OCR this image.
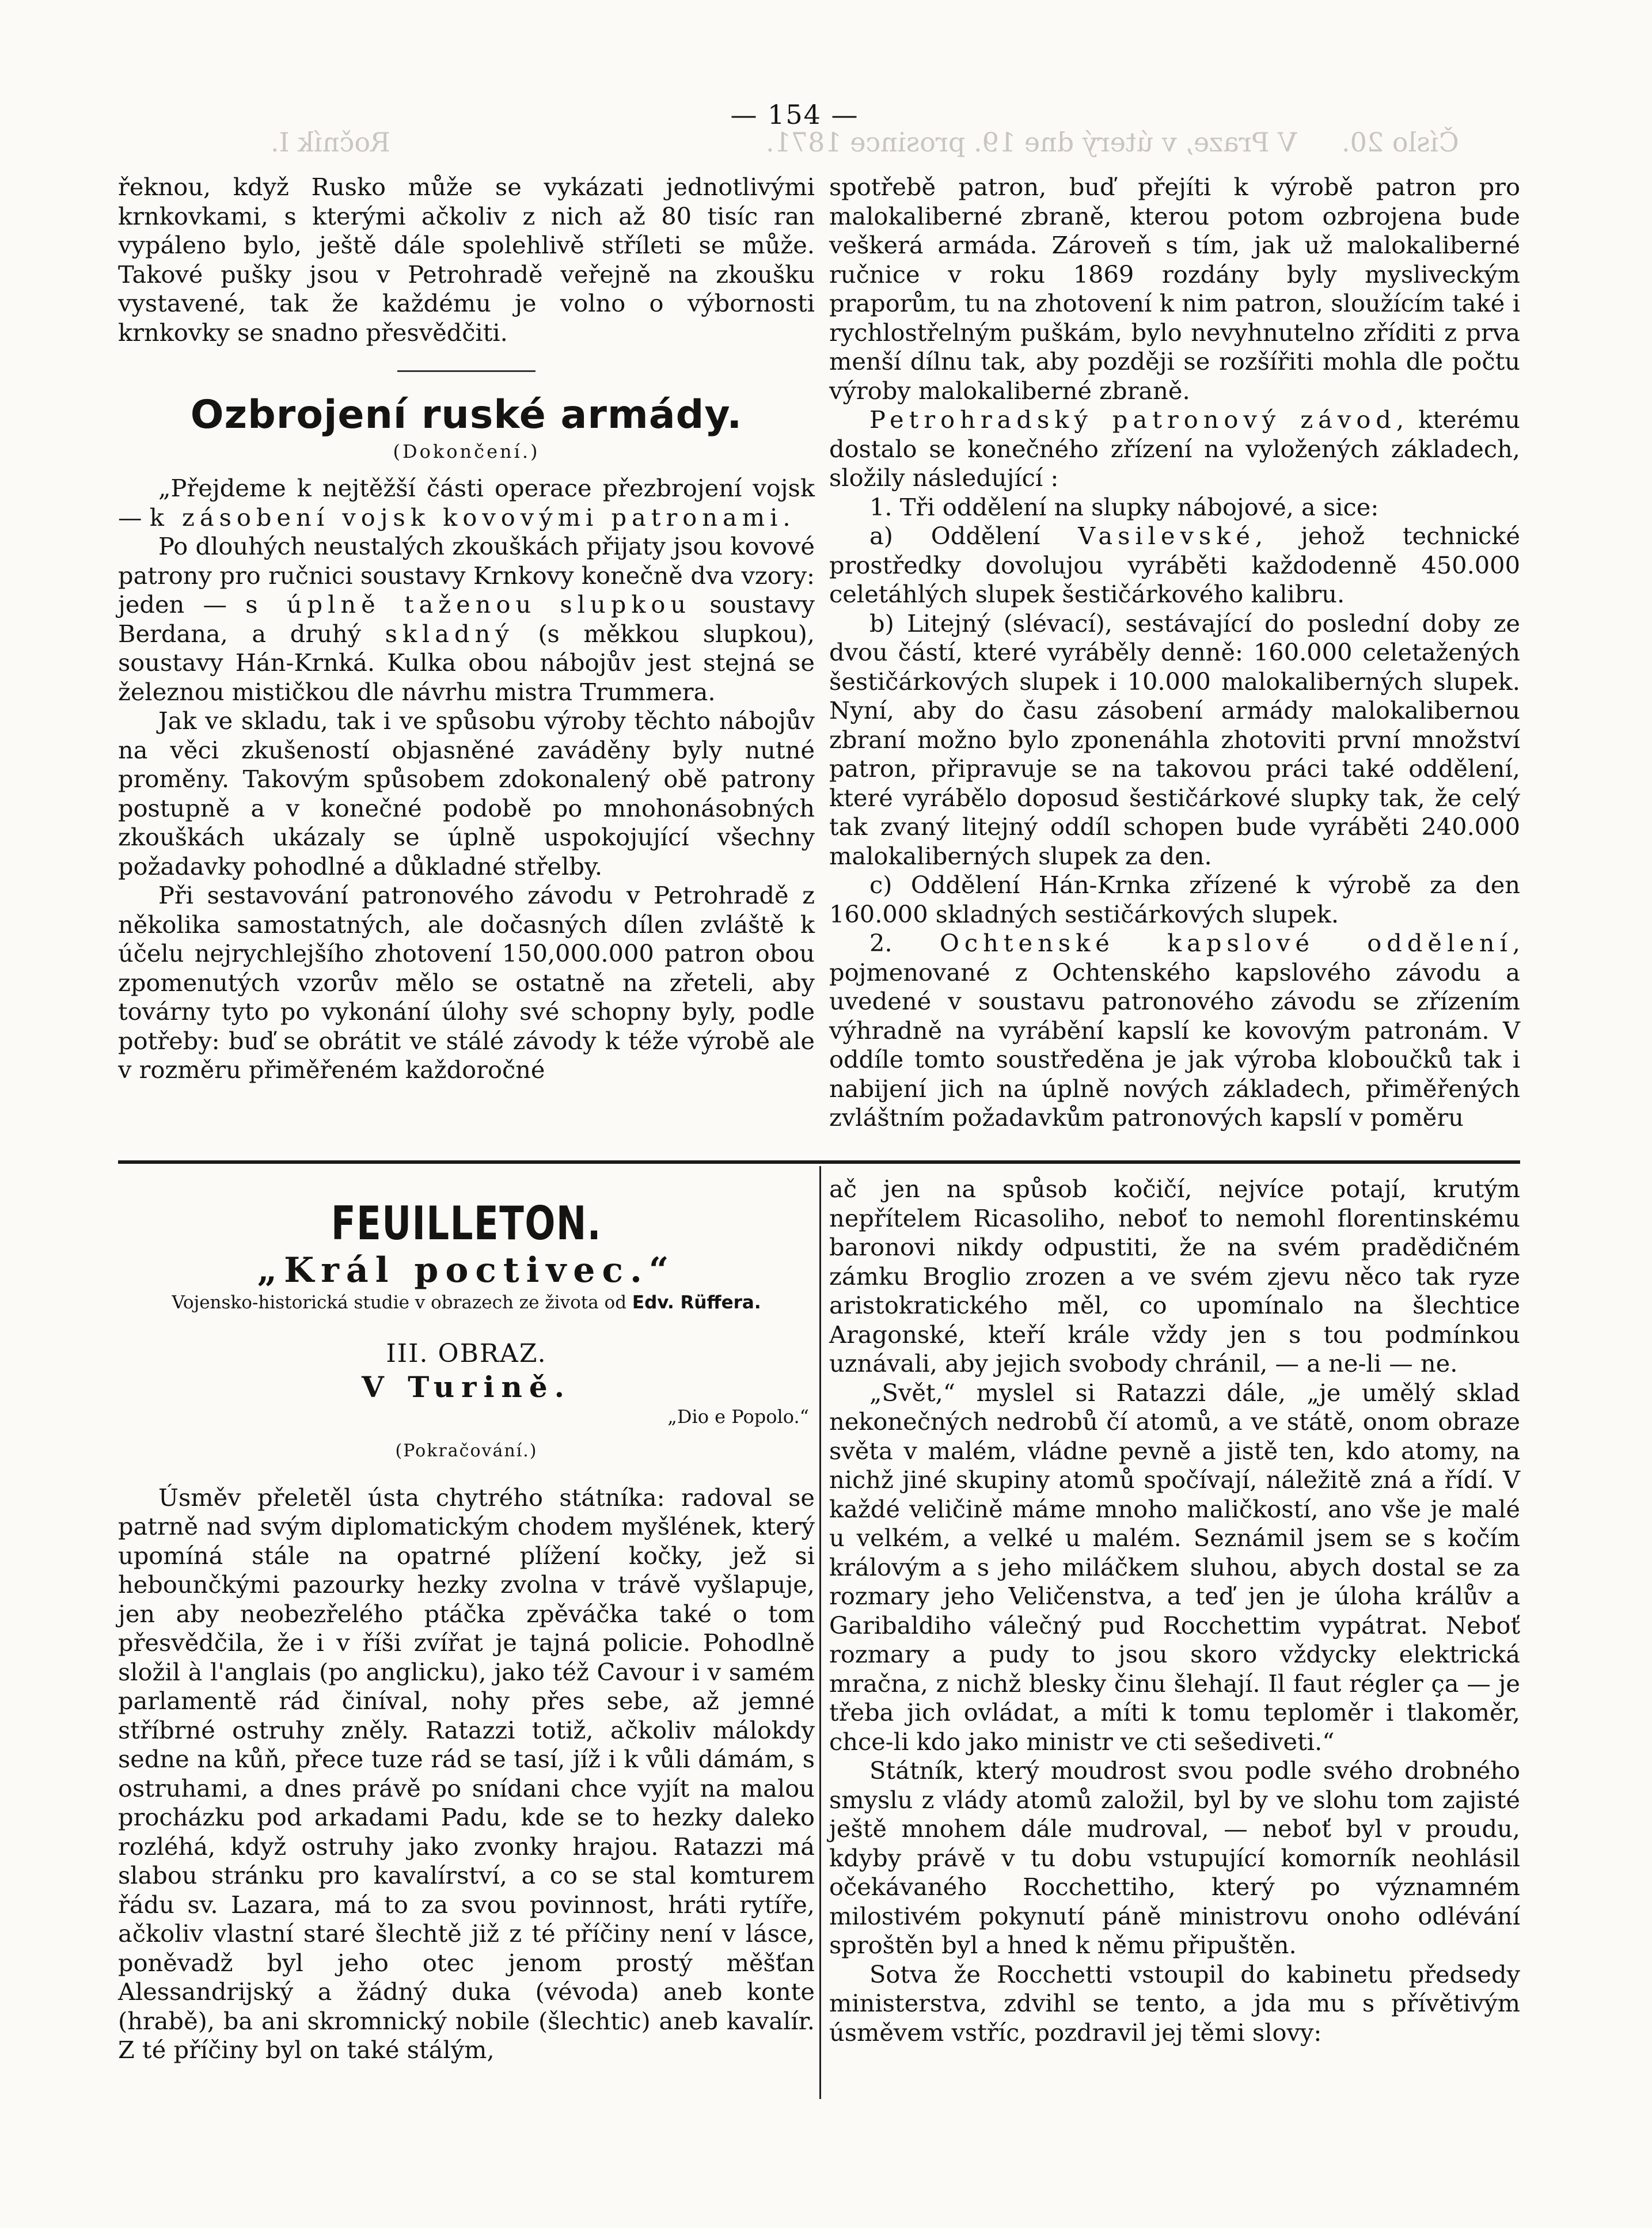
Číslo 20.
V Praze, v úterý dne 19. prosince 1871.
Ročník I.
— 154 —

řeknou, když Rusko může se vykázati jednotlivými krnkovkami, s kterými ačkoliv z nich až 80 tisíc ran vypáleno bylo, ještě dále spolehlivě stříleti se může. Takové pušky jsou v Petrohradě veřejně na zkoušku vystavené, tak že každému je volno o výbornosti krnkovky se snadno přesvědčiti.

Ozbrojení ruské armády.
(Dokončení.)

„Přejdeme k nejtěžší části operace přezbrojení vojsk — k zásobení vojsk kovovými patronami.

Po dlouhých neustalých zkouškách přijaty jsou kovové patrony pro ručnici soustavy Krnkovy konečně dva vzory: jeden — s úplně taženou slupkou soustavy Berdana, a druhý skladný (s měkkou slupkou), soustavy Hán-Krnká. Kulka obou nábojův jest stejná se železnou mističkou dle návrhu mistra Trummera.

Jak ve skladu, tak i ve spůsobu výroby těchto nábojův na věci zkušeností objasněné zaváděny byly nutné proměny. Takovým spůsobem zdokonalený obě patrony postupně a v konečné podobě po mnohonásobných zkouškách ukázaly se úplně uspokojující všechny požadavky pohodlné a důkladné střelby.

Při sestavování patronového závodu v Petrohradě z několika samostatných, ale dočasných dílen zvláště k účelu nejrychlejšího zhotovení 150,000.000 patron obou zpomenutých vzorův mělo se ostatně na zřeteli, aby továrny tyto po vykonání úlohy své schopny byly, podle potřeby: buď se obrátit ve stálé závody k téže výrobě ale v rozměru přiměřeném každoročné

spotřebě patron, buď přejíti k výrobě patron pro malokaliberné zbraně, kterou potom ozbrojena bude veškerá armáda. Zároveň s tím, jak už malokaliberné ručnice v roku 1869 rozdány byly mysliveckým praporům, tu na zhotovení k nim patron, sloužícím také i rychlostřelným puškám, bylo nevyhnutelno zříditi z prva menší dílnu tak, aby později se rozšířiti mohla dle počtu výroby malokaliberné zbraně.

Petrohradský patronový závod, kterému dostalo se konečného zřízení na vyložených základech, složily následující :

1. Tři oddělení na slupky nábojové, a sice:

a) Oddělení Vasilevské, jehož technické prostředky dovolujou vyráběti každodenně 450.000 celetáhlých slupek šestičárkového kalibru.

b) Litejný (slévací), sestávající do poslední doby ze dvou částí, které vyráběly denně: 160.000 celetažených šestičárkových slupek i 10.000 malokaliberných slupek. Nyní, aby do času zásobení armády malokalibernou zbraní možno bylo zponenáhla zhotoviti první množství patron, připravuje se na takovou práci také oddělení, které vyrábělo doposud šestičárkové slupky tak, že celý tak zvaný litejný oddíl schopen bude vyráběti 240.000 malokaliberných slupek za den.

c) Oddělení Hán-Krnka zřízené k výrobě za den 160.000 skladných sestičárkových slupek.

2. Ochtenské kapslové oddělení, pojmenované z Ochtenského kapslového závodu a uvedené v soustavu patronového závodu se zřízením výhradně na vyrábění kapslí ke kovovým patronám. V oddíle tomto soustředěna je jak výroba kloboučků tak i nabijení jich na úplně nových základech, přiměřených zvláštním požadavkům patronových kapslí v poměru

FEUILLETON.
„Král poctivec.“
Vojensko-historická studie v obrazech ze života od Edv. Rüffera.
III. OBRAZ.
V Turině.
„Dio e Popolo.“
(Pokračování.)

Úsměv přeletěl ústa chytrého státníka: radoval se patrně nad svým diplomatickým chodem myšlének, který upomíná stále na opatrné plížení kočky, jež si hebounčkými pazourky hezky zvolna v trávě vyšlapuje, jen aby neobezřelého ptáčka zpěváčka také o tom přesvědčila, že i v říši zvířat je tajná policie. Pohodlně složil à l'anglais (po anglicku), jako též Cavour i v samém parlamentě rád činíval, nohy přes sebe, až jemné stříbrné ostruhy zněly. Ratazzi totiž, ačkoliv málokdy sedne na kůň, přece tuze rád se tasí, jíž i k vůli dámám, s ostruhami, a dnes právě po snídani chce vyjít na malou procházku pod arkadami Padu, kde se to hezky daleko rozléhá, když ostruhy jako zvonky hrajou. Ratazzi má slabou stránku pro kavalírství, a co se stal komturem řádu sv. Lazara, má to za svou povinnost, hráti rytíře, ačkoliv vlastní staré šlechtě již z té příčiny není v lásce, poněvadž byl jeho otec jenom prostý měšťan Alessandrijský a žádný duka (vévoda) aneb konte (hrabě), ba ani skromnický nobile (šlechtic) aneb kavalír. Z té příčiny byl on také stálým,

ač jen na spůsob kočičí, nejvíce potají, krutým nepřítelem Ricasoliho, neboť to nemohl florentinskému baronovi nikdy odpustiti, že na svém pradědičném zámku Broglio zrozen a ve svém zjevu něco tak ryze aristokratického měl, co upomínalo na šlechtice Aragonské, kteří krále vždy jen s tou podmínkou uznávali, aby jejich svobody chránil, — a ne-li — ne.

„Svět,“ myslel si Ratazzi dále, „je umělý sklad nekonečných nedrobů čí atomů, a ve státě, onom obraze světa v malém, vládne pevně a jistě ten, kdo atomy, na nichž jiné skupiny atomů spočívají, náležitě zná a řídí. V každé veličině máme mnoho maličkostí, ano vše je malé u velkém, a velké u malém. Seznámil jsem se s kočím královým a s jeho miláčkem sluhou, abych dostal se za rozmary jeho Veličenstva, a teď jen je úloha králův a Garibaldiho válečný pud Rocchettim vypátrat. Neboť rozmary a pudy to jsou skoro vždycky elektrická mračna, z nichž blesky činu šlehají. Il faut régler ça — je třeba jich ovládat, a míti k tomu teploměr i tlakoměr, chce-li kdo jako ministr ve cti sešediveti.“

Státník, který moudrost svou podle svého drobného smyslu z vlády atomů založil, byl by ve slohu tom zajisté ještě mnohem dále mudroval, — neboť byl v proudu, kdyby právě v tu dobu vstupující komorník neohlásil očekávaného Rocchettiho, který po významném milostivém pokynutí páně ministrovu onoho odlévání sproštěn byl a hned k němu připuštěn.

Sotva že Rocchetti vstoupil do kabinetu předsedy ministerstva, zdvihl se tento, a jda mu s přívětivým úsměvem vstříc, pozdravil jej těmi slovy:
